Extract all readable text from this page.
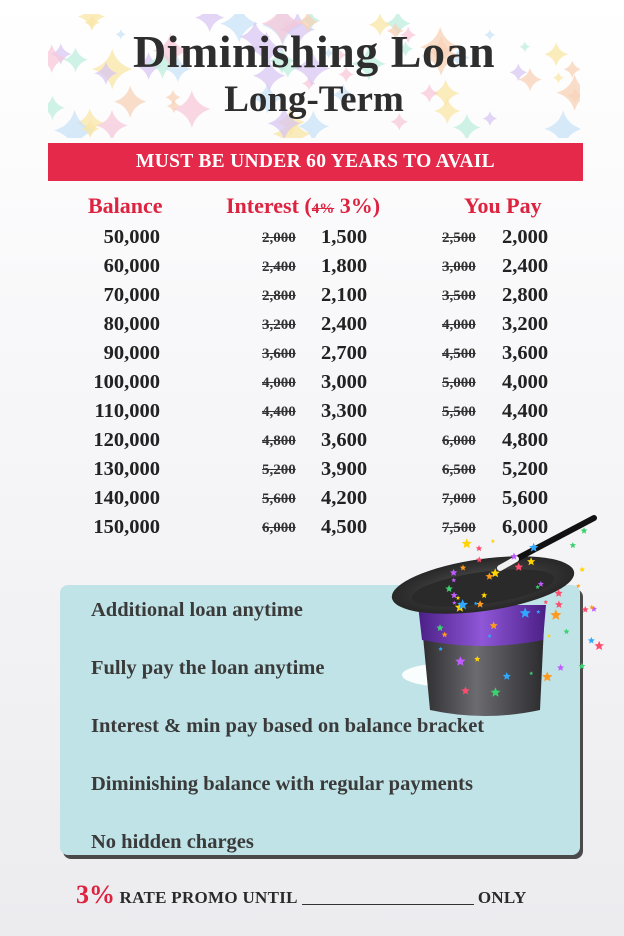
Diminishing Loan
Long-Term
MUST BE UNDER 60 YEARS TO AVAIL
Balance	Interest (4% 3%)	You Pay
50,000	2,000 1,500	2,500 2,000
60,000	2,400 1,800	3,000 2,400
70,000	2,800 2,100	3,500 2,800
80,000	3,200 2,400	4,000 3,200
90,000	3,600 2,700	4,500 3,600
100,000	4,000 3,000	5,000 4,000
110,000	4,400 3,300	5,500 4,400
120,000	4,800 3,600	6,000 4,800
130,000	5,200 3,900	6,500 5,200
140,000	5,600 4,200	7,000 5,600
150,000	6,000 4,500	7,500 6,000
Additional loan anytime
Fully pay the loan anytime
Interest & min pay based on balance bracket
Diminishing balance with regular payments
No hidden charges
3% RATE PROMO UNTIL	ONLY
